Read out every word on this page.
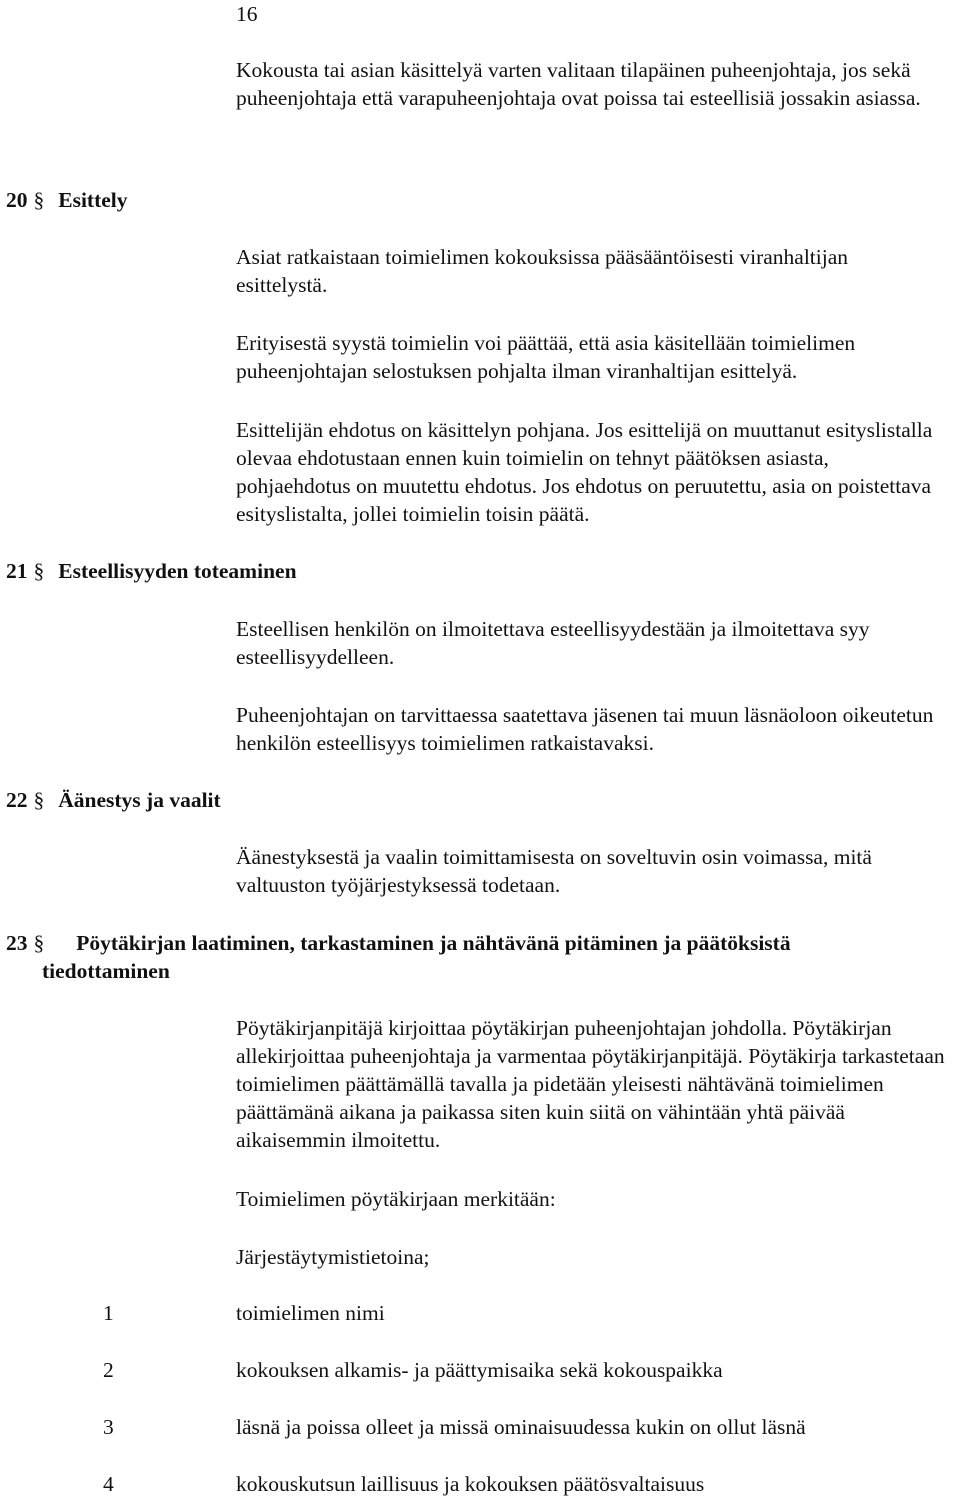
16

Kokousta tai asian käsittelyä varten valitaan tilapäinen puheenjohtaja, jos sekä puheenjohtaja että varapuheenjohtaja ovat poissa tai esteellisiä jossakin asiassa.

20 § Esittely

Asiat ratkaistaan toimielimen kokouksissa pääsääntöisesti viranhaltijan esittelystä.

Erityisestä syystä toimielin voi päättää, että asia käsitellään toimielimen puheenjohtajan selostuksen pohjalta ilman viranhaltijan esittelyä.

Esittelijän ehdotus on käsittelyn pohjana. Jos esittelijä on muuttanut esityslistalla olevaa ehdotustaan ennen kuin toimielin on tehnyt päätöksen asiasta, pohjaehdotus on muutettu ehdotus. Jos ehdotus on peruutettu, asia on poistettava esityslistalta, jollei toimielin toisin päätä.

21 § Esteellisyyden toteaminen

Esteellisen henkilön on ilmoitettava esteellisyydestään ja ilmoitettava syy esteellisyydelleen.

Puheenjohtajan on tarvittaessa saatettava jäsenen tai muun läsnäoloon oikeutetun henkilön esteellisyys toimielimen ratkaistavaksi.

22 § Äänestys ja vaalit

Äänestyksestä ja vaalin toimittamisesta on soveltuvin osin voimassa, mitä valtuuston työjärjestyksessä todetaan.

23 § Pöytäkirjan laatiminen, tarkastaminen ja nähtävänä pitäminen ja päätöksistä
tiedottaminen

Pöytäkirjanpitäjä kirjoittaa pöytäkirjan puheenjohtajan johdolla. Pöytäkirjan allekirjoittaa puheenjohtaja ja varmentaa pöytäkirjanpitäjä. Pöytäkirja tarkastetaan toimielimen päättämällä tavalla ja pidetään yleisesti nähtävänä toimielimen päättämänä aikana ja paikassa siten kuin siitä on vähintään yhtä päivää aikaisemmin ilmoitettu.

Toimielimen pöytäkirjaan merkitään:

Järjestäytymistietoina;

1	toimielimen nimi
2	kokouksen alkamis- ja päättymisaika sekä kokouspaikka
3	läsnä ja poissa olleet ja missä ominaisuudessa kukin on ollut läsnä
4	kokouskutsun laillisuus ja kokouksen päätösvaltaisuus
